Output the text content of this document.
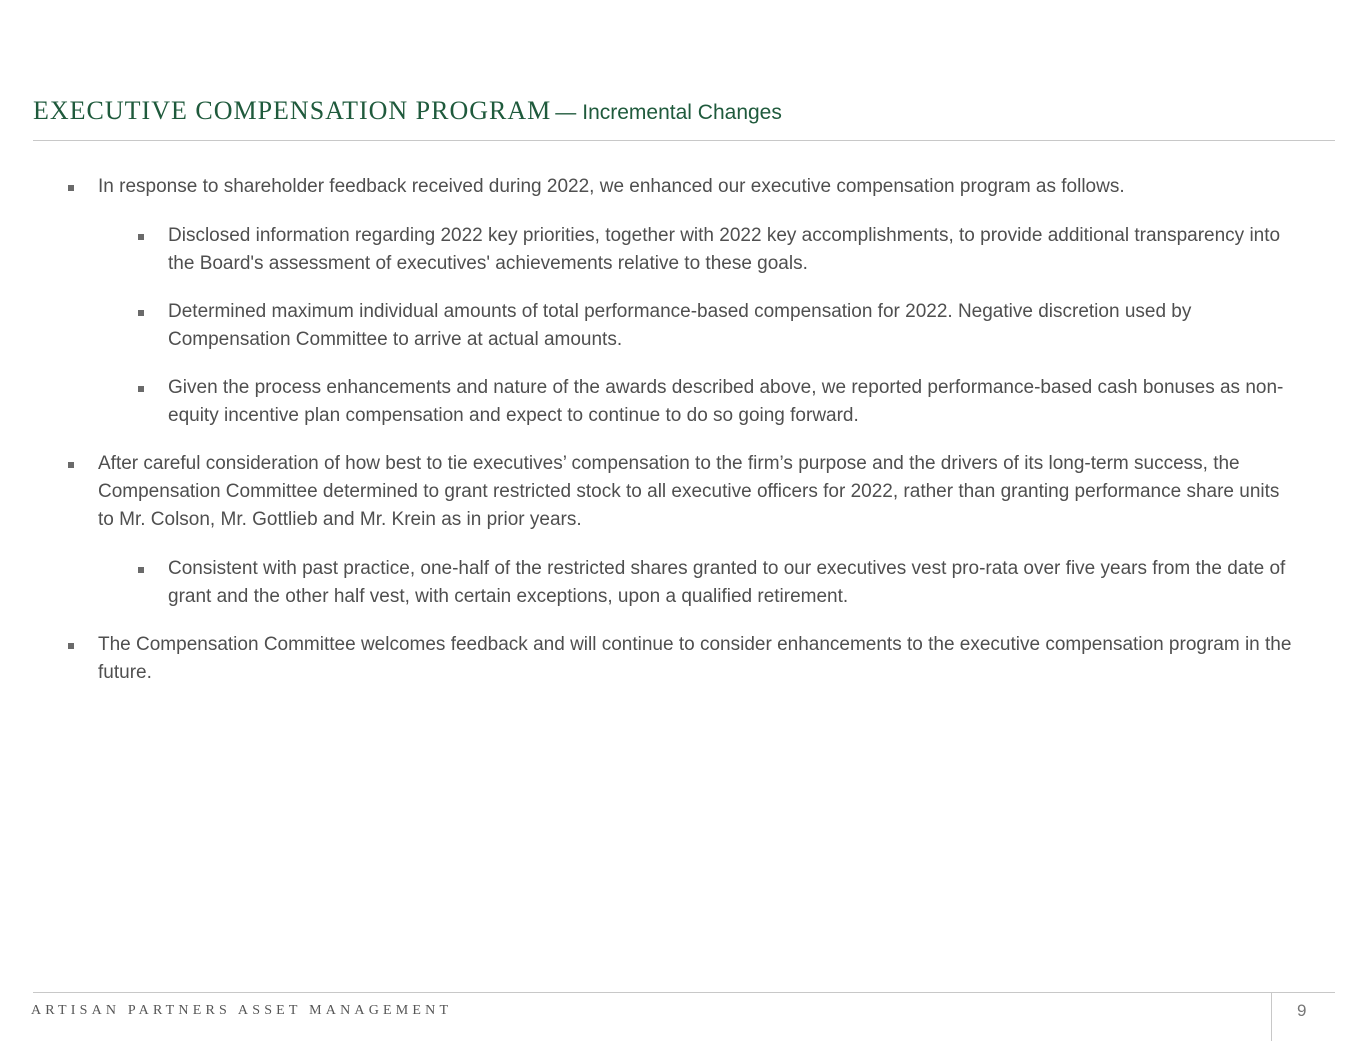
EXECUTIVE COMPENSATION PROGRAM — Incremental Changes
In response to shareholder feedback received during 2022, we enhanced our executive compensation program as follows.
Disclosed information regarding 2022 key priorities, together with 2022 key accomplishments, to provide additional transparency into the Board's assessment of executives' achievements relative to these goals.
Determined maximum individual amounts of total performance-based compensation for 2022. Negative discretion used by Compensation Committee to arrive at actual amounts.
Given the process enhancements and nature of the awards described above, we reported performance-based cash bonuses as non-equity incentive plan compensation and expect to continue to do so going forward.
After careful consideration of how best to tie executives’ compensation to the firm’s purpose and the drivers of its long-term success, the Compensation Committee determined to grant restricted stock to all executive officers for 2022, rather than granting performance share units to Mr. Colson, Mr. Gottlieb and Mr. Krein as in prior years.
Consistent with past practice, one-half of the restricted shares granted to our executives vest pro-rata over five years from the date of grant and the other half vest, with certain exceptions, upon a qualified retirement.
The Compensation Committee welcomes feedback and will continue to consider enhancements to the executive compensation program in the future.
ARTISAN PARTNERS ASSET MANAGEMENT	9
